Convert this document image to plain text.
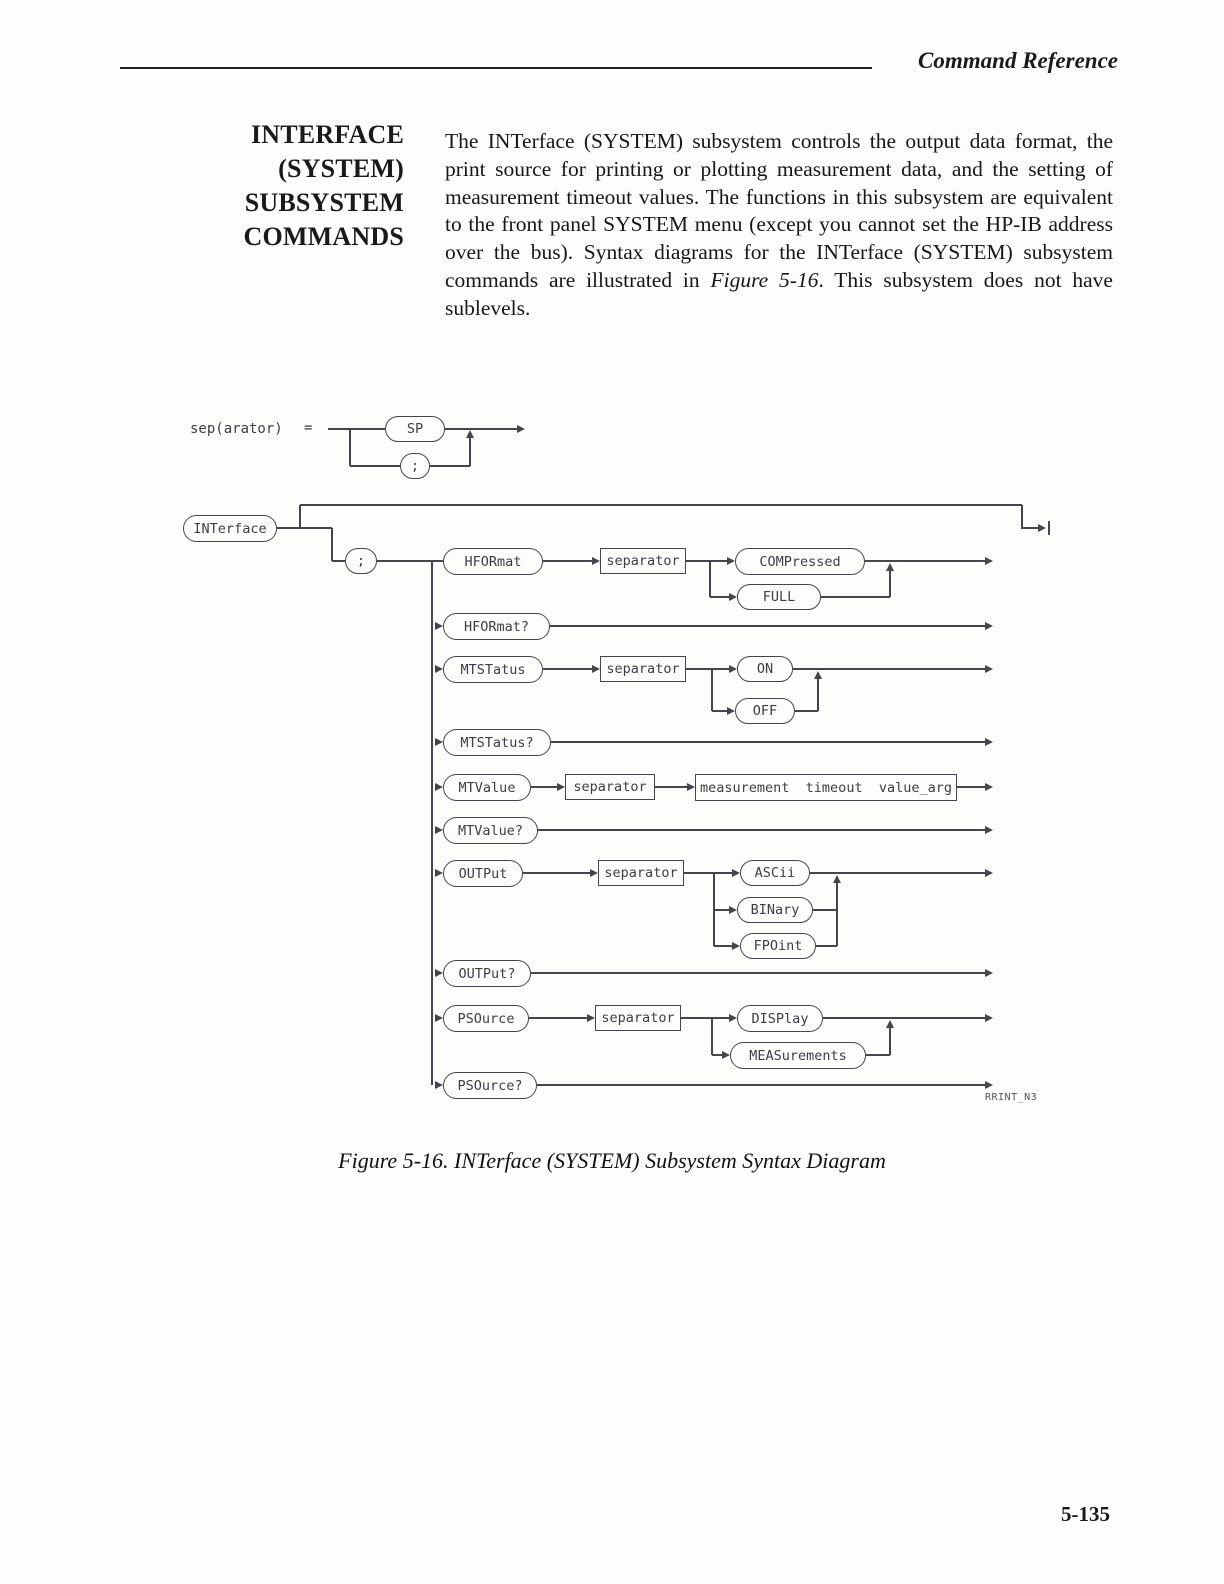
Command Reference
INTERFACE
(SYSTEM)
SUBSYSTEM
COMMANDS
The INTerface (SYSTEM) subsystem controls the output data format, the print source for printing or plotting measurement data, and the setting of measurement timeout values. The functions in this subsystem are equivalent to the front panel SYSTEM menu (except you cannot set the HP-IB address over the bus). Syntax diagrams for the INTerface (SYSTEM) subsystem commands are illustrated in Figure 5-16. This subsystem does not have sublevels.
sep(arator) =	SP
;
INTerface
;	HFORmat	separator	COMPressed
FULL
HFORmat?
MTSTatus	separator	ON
OFF
MTSTatus?
MTValue	separator	measurement  timeout  value_arg
MTValue?
OUTPut	separator	ASCii
BINary
FPOint
OUTPut?
PSOurce	separator	DISPlay
MEASurements
PSOurce?
RRINT_N3
Figure 5-16. INTerface (SYSTEM) Subsystem Syntax Diagram
5-135
